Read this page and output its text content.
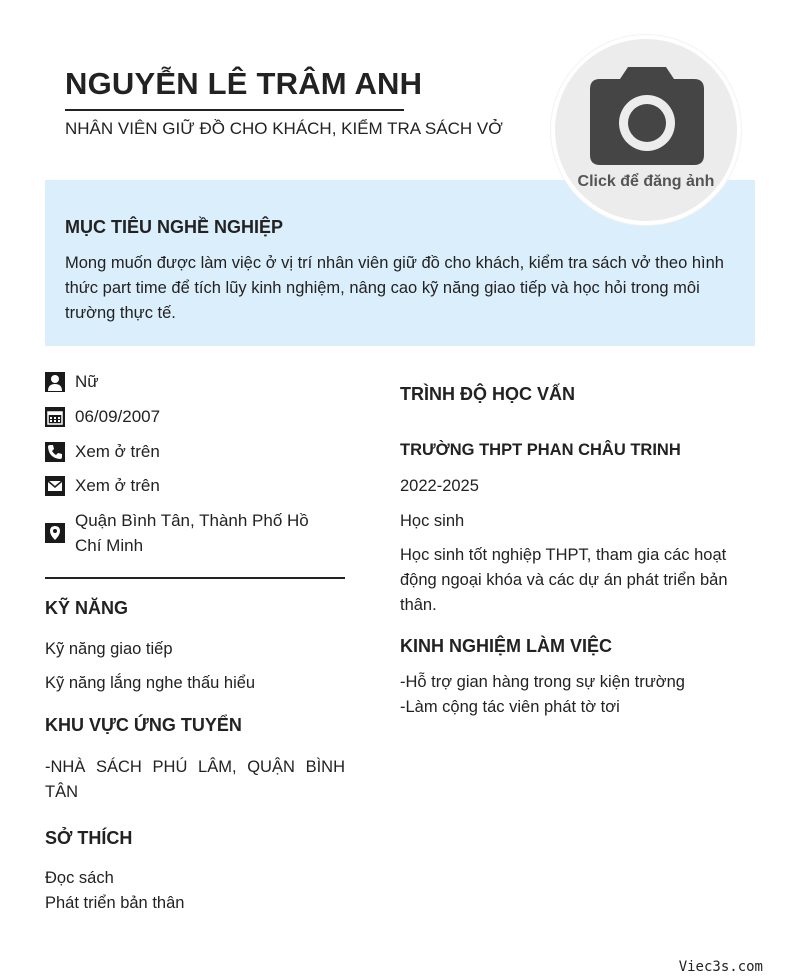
NGUYỄN LÊ TRÂM ANH
NHÂN VIÊN GIỮ ĐỒ CHO KHÁCH, KIỂM TRA SÁCH VỞ
MỤC TIÊU NGHỀ NGHIỆP
Mong muốn được làm việc ở vị trí nhân viên giữ đồ cho khách, kiểm tra sách vở theo hình thức part time để tích lũy kinh nghiệm, nâng cao kỹ năng giao tiếp và học hỏi trong môi trường thực tế.
Click để đăng ảnh
Nữ
06/09/2007
Xem ở trên
Xem ở trên
Quận Bình Tân, Thành Phố Hồ Chí Minh
KỸ NĂNG
Kỹ năng giao tiếp
Kỹ năng lắng nghe thấu hiểu
KHU VỰC ỨNG TUYỂN
-NHÀ SÁCH PHÚ LÂM, QUẬN BÌNH TÂN
SỞ THÍCH
Đọc sách
Phát triển bản thân
TRÌNH ĐỘ HỌC VẤN
TRƯỜNG THPT PHAN CHÂU TRINH
2022-2025
Học sinh
Học sinh tốt nghiệp THPT, tham gia các hoạt động ngoại khóa và các dự án phát triển bản thân.
KINH NGHIỆM LÀM VIỆC
-Hỗ trợ gian hàng trong sự kiện trường
-Làm cộng tác viên phát tờ tơi
Viec3s.com
